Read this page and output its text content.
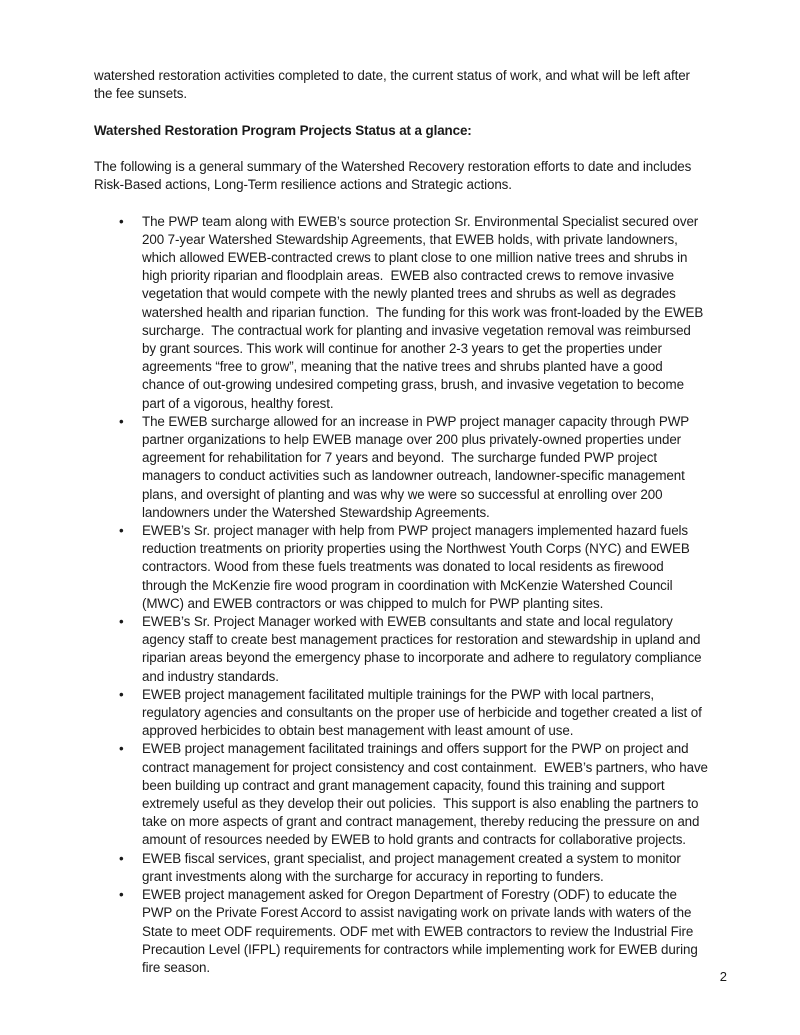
watershed restoration activities completed to date, the current status of work, and what will be left after the fee sunsets.

Watershed Restoration Program Projects Status at a glance:

The following is a general summary of the Watershed Recovery restoration efforts to date and includes Risk-Based actions, Long-Term resilience actions and Strategic actions.

• The PWP team along with EWEB’s source protection Sr. Environmental Specialist secured over 200 7-year Watershed Stewardship Agreements, that EWEB holds, with private landowners, which allowed EWEB-contracted crews to plant close to one million native trees and shrubs in high priority riparian and floodplain areas.  EWEB also contracted crews to remove invasive vegetation that would compete with the newly planted trees and shrubs as well as degrades watershed health and riparian function.  The funding for this work was front-loaded by the EWEB surcharge.  The contractual work for planting and invasive vegetation removal was reimbursed by grant sources. This work will continue for another 2-3 years to get the properties under agreements “free to grow”, meaning that the native trees and shrubs planted have a good chance of out-growing undesired competing grass, brush, and invasive vegetation to become part of a vigorous, healthy forest.
• The EWEB surcharge allowed for an increase in PWP project manager capacity through PWP partner organizations to help EWEB manage over 200 plus privately-owned properties under agreement for rehabilitation for 7 years and beyond.  The surcharge funded PWP project managers to conduct activities such as landowner outreach, landowner-specific management plans, and oversight of planting and was why we were so successful at enrolling over 200 landowners under the Watershed Stewardship Agreements.
• EWEB’s Sr. project manager with help from PWP project managers implemented hazard fuels reduction treatments on priority properties using the Northwest Youth Corps (NYC) and EWEB contractors. Wood from these fuels treatments was donated to local residents as firewood through the McKenzie fire wood program in coordination with McKenzie Watershed Council (MWC) and EWEB contractors or was chipped to mulch for PWP planting sites.
• EWEB’s Sr. Project Manager worked with EWEB consultants and state and local regulatory agency staff to create best management practices for restoration and stewardship in upland and riparian areas beyond the emergency phase to incorporate and adhere to regulatory compliance and industry standards.
• EWEB project management facilitated multiple trainings for the PWP with local partners, regulatory agencies and consultants on the proper use of herbicide and together created a list of approved herbicides to obtain best management with least amount of use.
• EWEB project management facilitated trainings and offers support for the PWP on project and contract management for project consistency and cost containment.  EWEB’s partners, who have been building up contract and grant management capacity, found this training and support extremely useful as they develop their out policies.  This support is also enabling the partners to take on more aspects of grant and contract management, thereby reducing the pressure on and amount of resources needed by EWEB to hold grants and contracts for collaborative projects.
• EWEB fiscal services, grant specialist, and project management created a system to monitor grant investments along with the surcharge for accuracy in reporting to funders.
• EWEB project management asked for Oregon Department of Forestry (ODF) to educate the PWP on the Private Forest Accord to assist navigating work on private lands with waters of the State to meet ODF requirements. ODF met with EWEB contractors to review the Industrial Fire Precaution Level (IFPL) requirements for contractors while implementing work for EWEB during fire season.
2
